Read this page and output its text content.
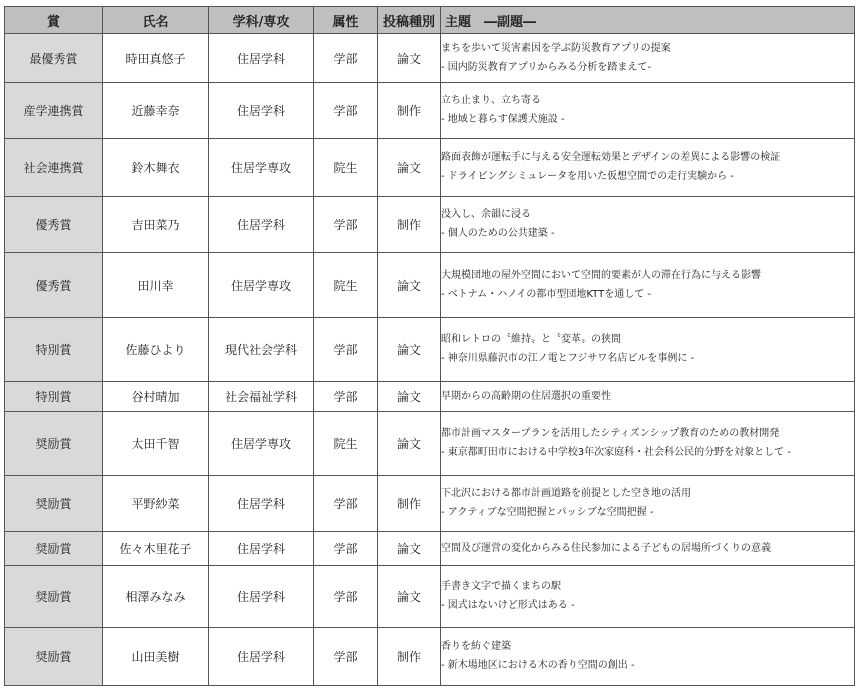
賞	氏名	学科/専攻	属性	投稿種別	主題　―副題―
最優秀賞	時田真悠子	住居学科	学部	論文	まちを歩いて災害素因を学ぶ防災教育アプリの提案
- 国内防災教育アプリからみる分析を踏まえて-

産学連携賞	近藤幸奈	住居学科	学部	制作	立ち止まり、立ち寄る
- 地域と暮らす保護犬施設 -

社会連携賞	鈴木舞衣	住居学専攻	院生	論文	路面表飾が運転手に与える安全運転効果とデザインの差異による影響の検証
- ドライビングシミュレータを用いた仮想空間での走行実験から -

優秀賞	吉田菜乃	住居学科	学部	制作	没入し、余韻に浸る
- 個人のための公共建築 -

優秀賞	田川幸	住居学専攻	院生	論文	大規模団地の屋外空間において空間的要素が人の滞在行為に与える影響
- ベトナム・ハノイの都市型団地KTTを通して -

特別賞	佐藤ひより	現代社会学科	学部	論文	昭和レトロの〝維持〟と〝変革〟の狭間
- 神奈川県藤沢市の江ノ電とフジサワ名店ビルを事例に -

特別賞	谷村晴加	社会福祉学科	学部	論文	早期からの高齢期の住居選択の重要性

奨励賞	太田千智	住居学専攻	院生	論文	都市計画マスタープランを活用したシティズンシップ教育のための教材開発
- 東京都町田市における中学校3年次家庭科・社会科公民的分野を対象として -

奨励賞	平野紗菜	住居学科	学部	制作	下北沢における都市計画道路を前提とした空き地の活用
- アクティブな空間把握とパッシブな空間把握 -

奨励賞	佐々木里花子	住居学科	学部	論文	空間及び運営の変化からみる住民参加による子どもの居場所づくりの意義

奨励賞	相澤みなみ	住居学科	学部	論文	手書き文字で描くまちの駅
- 図式はないけど形式はある -

奨励賞	山田美樹	住居学科	学部	制作	香りを紡ぐ建築
- 新木場地区における木の香り空間の創出 -
